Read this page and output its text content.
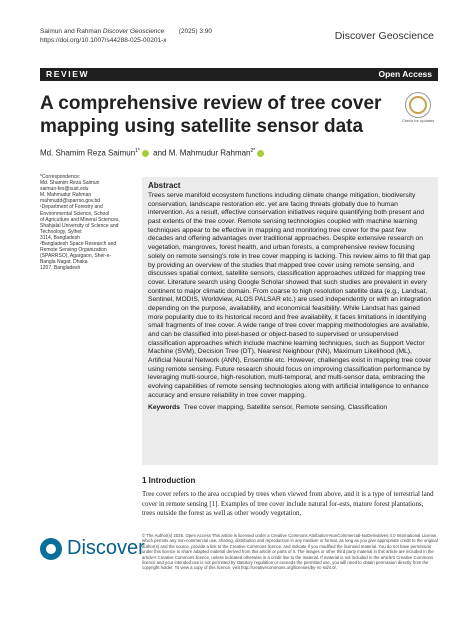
Saimun and Rahman Discover Geoscience        (2025) 3:90
https://doi.org/10.1007/s44288-025-00201-x	Discover Geoscience
REVIEW	Open Access
A comprehensive review of tree cover mapping using satellite sensor data	Check for updates
Md. Shamim Reza Saimun$^{1*}$ and M. Mahmudur Rahman$^{2*}$
*Correspondence:
Md. Shamim Reza Saimun
saimun-fes@sust.edu
M. Mahmudur Rahman
mahmudd@sparrso.gov.bd
¹Department of Forestry and
Environmental Science, School
of Agriculture and Mineral Sciences,
Shahjalal University of Science and
Technology, Sylhet
3114, Bangladesh
²Bangladesh Space Research and
Remote Sensing Organization
(SPARRSO), Agargaon, Sher-e-
Bangla Nagar, Dhaka
1207, Bangladesh
Abstract

Trees serve manifold ecosystem functions including climate change mitigation, biodiversity conservation, landscape restoration etc. yet are facing threats globally due to human intervention. As a result, effective conservation initiatives require quantifying both present and past extents of the tree cover. Remote sensing technologies coupled with machine learning techniques appear to be effective in mapping and monitoring tree cover for the past few decades and offering advantages over traditional approaches. Despite extensive research on vegetation, mangroves, forest health, and urban forests, a comprehensive review focusing solely on remote sensing's role in tree cover mapping is lacking. This review aims to fill that gap by providing an overview of the studies that mapped tree cover using remote sensing, and discusses spatial context, satellite sensors, classification approaches utilized for mapping tree cover. Literature search using Google Scholar showed that such studies are prevalent in every continent to major climatic domain. From coarse to high resolution satellite data (e.g., Landsat, Sentinel, MODIS, Worldview, ALOS PALSAR etc.) are used independently or with an integration depending on the purpose, availability, and economical feasibility. While Landsat has gained more popularity due to its historical record and free availability, it faces limitations in identifying small fragments of tree cover. A wide range of tree cover mapping methodologies are available, and can be classified into pixel-based or object-based to supervised or unsupervised classification approaches which include machine learning techniques, such as Support Vector Machine (SVM), Decision Tree (DT), Nearest Neighbour (NN), Maximum Likelihood (ML), Artificial Neural Network (ANN), Ensemble etc. However, challenges exist in mapping tree cover using remote sensing. Future research should focus on improving classification performance by leveraging multi-source, high-resolution, multi-temporal, and multi-sensor data, embracing the evolving capabilities of remote sensing technologies along with artificial intelligence to enhance accuracy and ensure reliability in tree cover mapping.

Keywords Tree cover mapping, Satellite sensor, Remote sensing, Classification
1 Introduction

Tree cover refers to the area occupied by trees when viewed from above, and it is a type of terrestrial land cover in remote sensing [1]. Examples of tree cover include natural for-ests, mature forest plantations, trees outside the forest as well as other woody vegetation,

Discover
© The Author(s) 2025. Open Access This article is licensed under a Creative Commons Attribution-NonCommercial-NoDerivatives 4.0 International License, which permits any non-commercial use, sharing, distribution and reproduction in any medium or format, as long as you give appropriate credit to the original author(s) and the source, provide a link to the Creative Commons licence, and indicate if you modified the licensed material. You do not have permission under this licence to share adapted material derived from this article or parts of it. The images or other third party material in this article are included in the article's Creative Commons licence, unless indicated otherwise in a credit line to the material. If material is not included in the article's Creative Commons licence and your intended use is not permitted by statutory regulation or exceeds the permitted use, you will need to obtain permission directly from the copyright holder. To view a copy of this licence, visit http://creativecommons.org/licenses/by-nc-nd/4.0/.
